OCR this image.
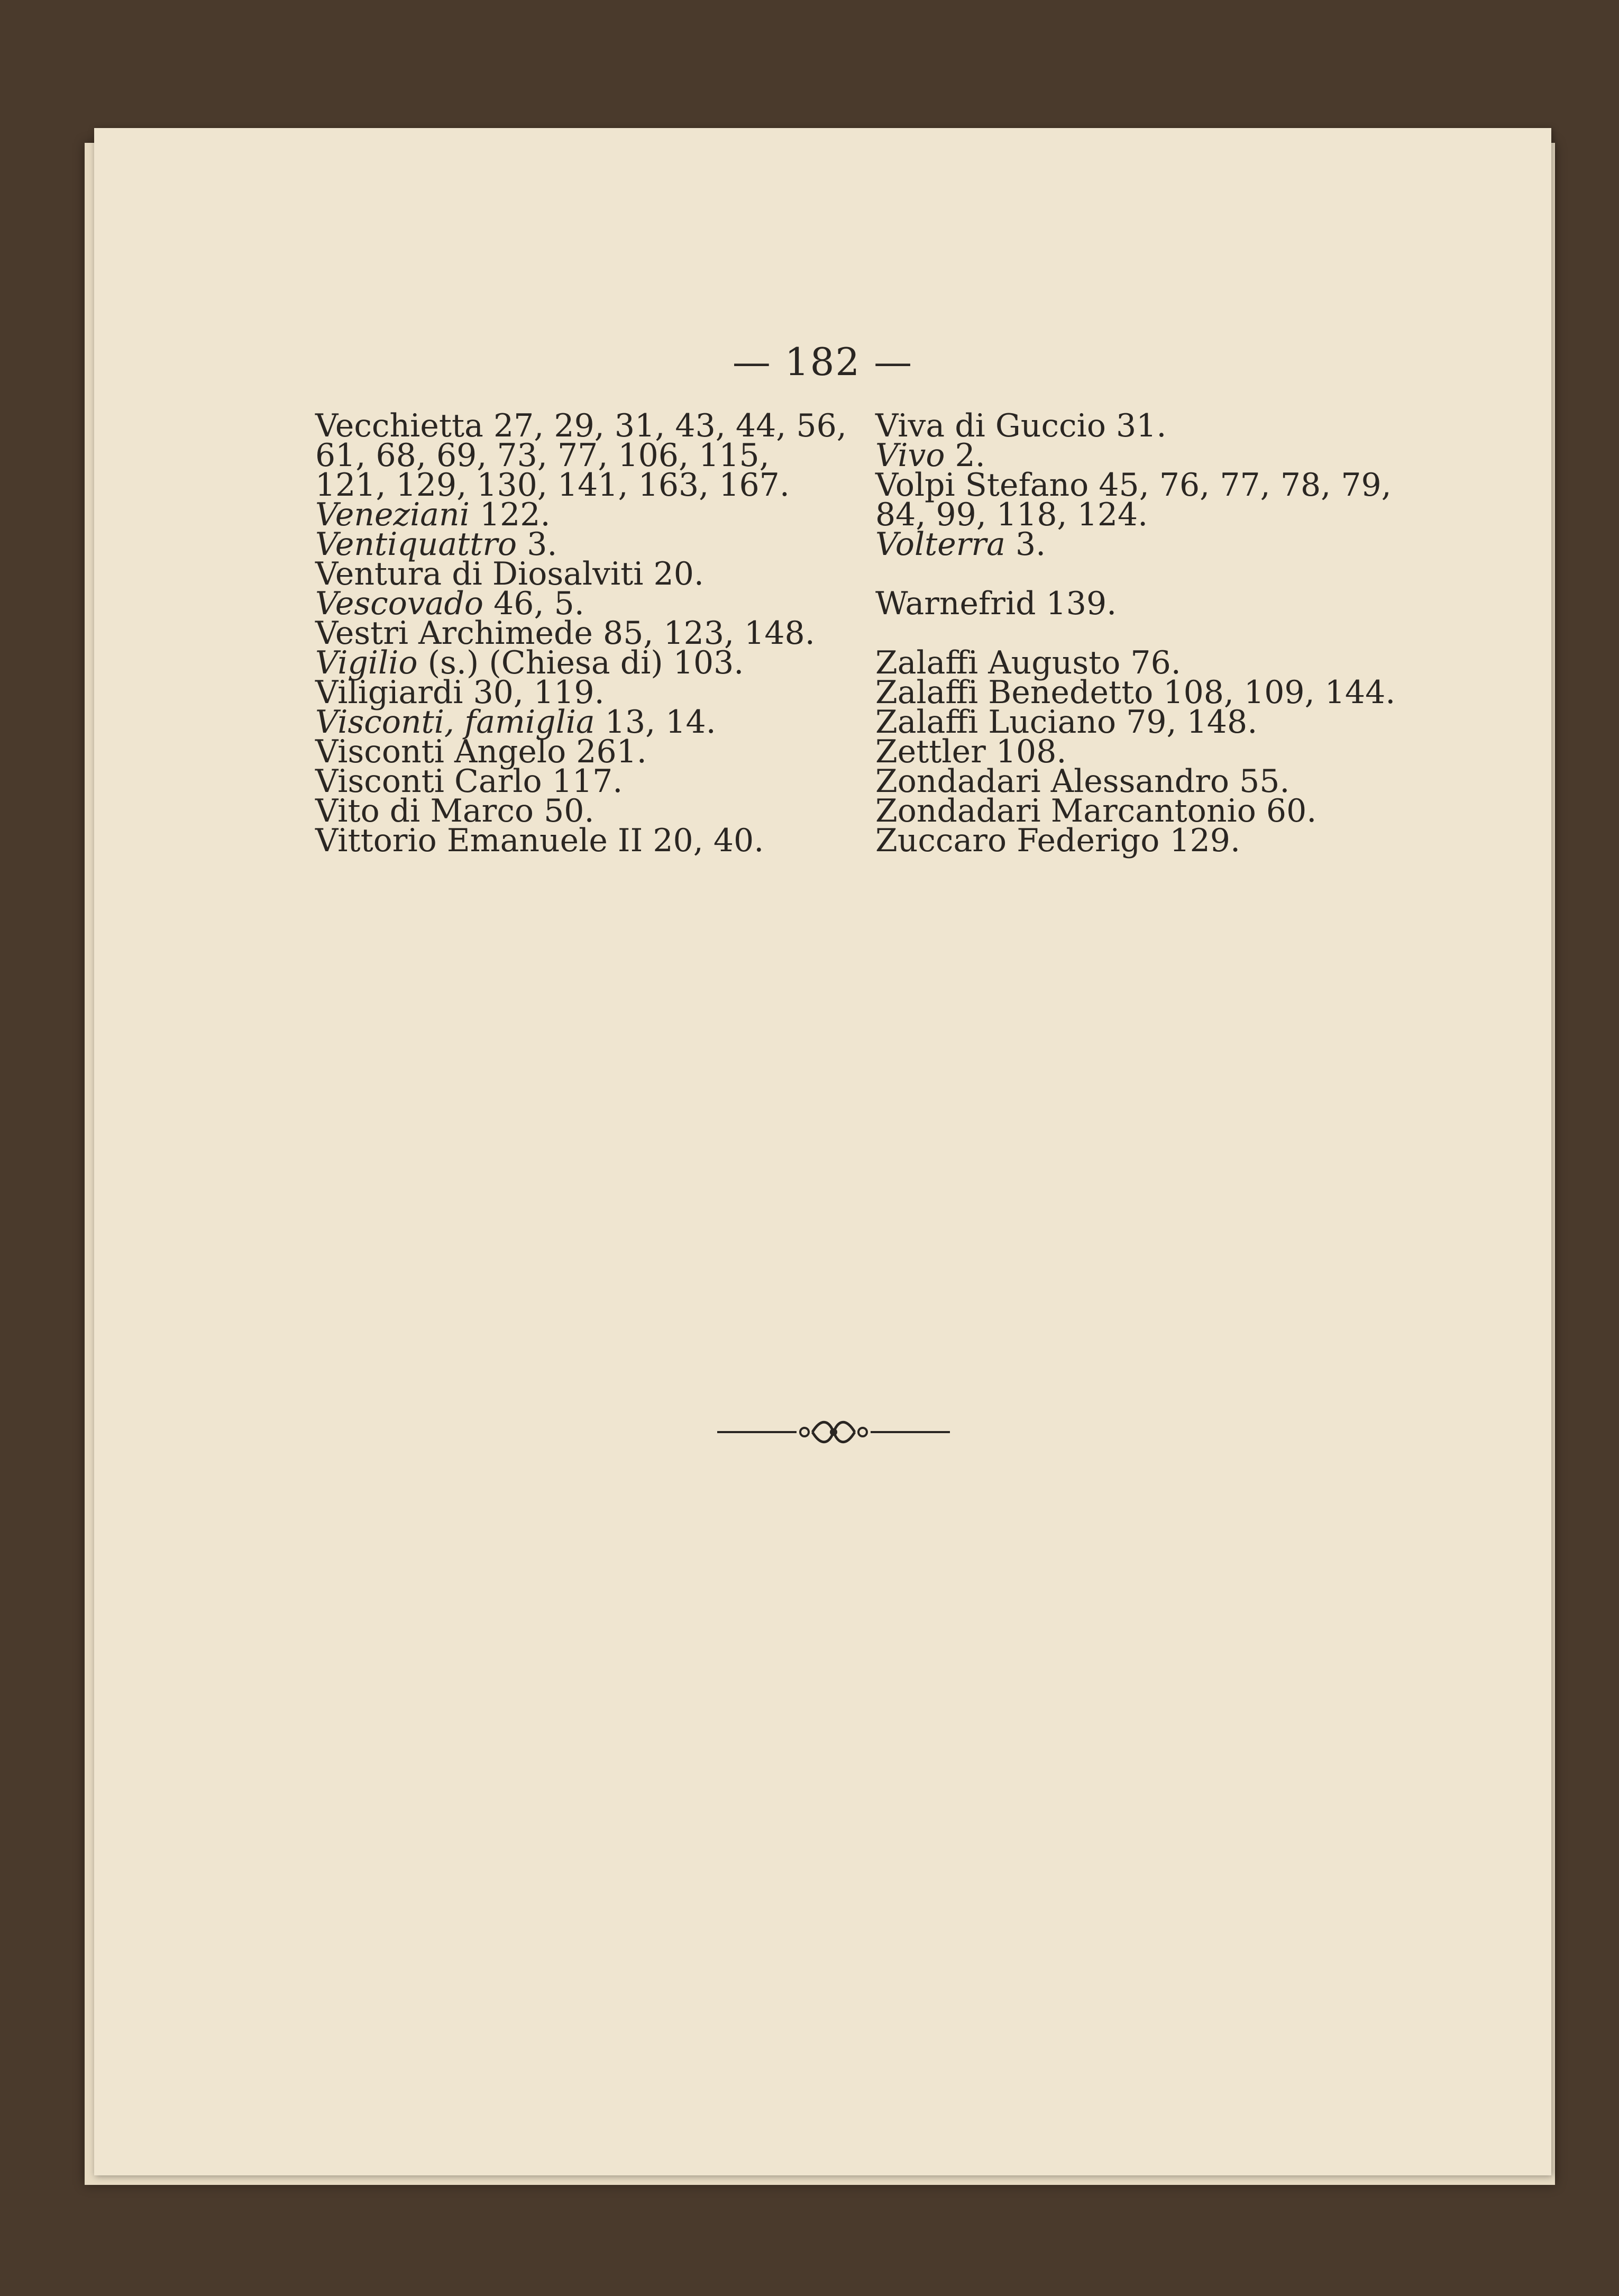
— 182 —
Vecchietta 27, 29, 31, 43, 44, 56,
61, 68, 69, 73, 77, 106, 115,
121, 129, 130, 141, 163, 167.
Veneziani 122.
Ventiquattro 3.
Ventura di Diosalviti 20.
Vescovado 46, 5.
Vestri Archimede 85, 123, 148.
Vigilio (s.) (Chiesa di) 103.
Viligiardi 30, 119.
Visconti, famiglia 13, 14.
Visconti Angelo 261.
Visconti Carlo 117.
Vito di Marco 50.
Vittorio Emanuele II 20, 40.
Viva di Guccio 31.
Vivo 2.
Volpi Stefano 45, 76, 77, 78, 79,
84, 99, 118, 124.
Volterra 3.
Warnefrid 139.
Zalaffi Augusto 76.
Zalaffi Benedetto 108, 109, 144.
Zalaffi Luciano 79, 148.
Zettler 108.
Zondadari Alessandro 55.
Zondadari Marcantonio 60.
Zuccaro Federigo 129.
